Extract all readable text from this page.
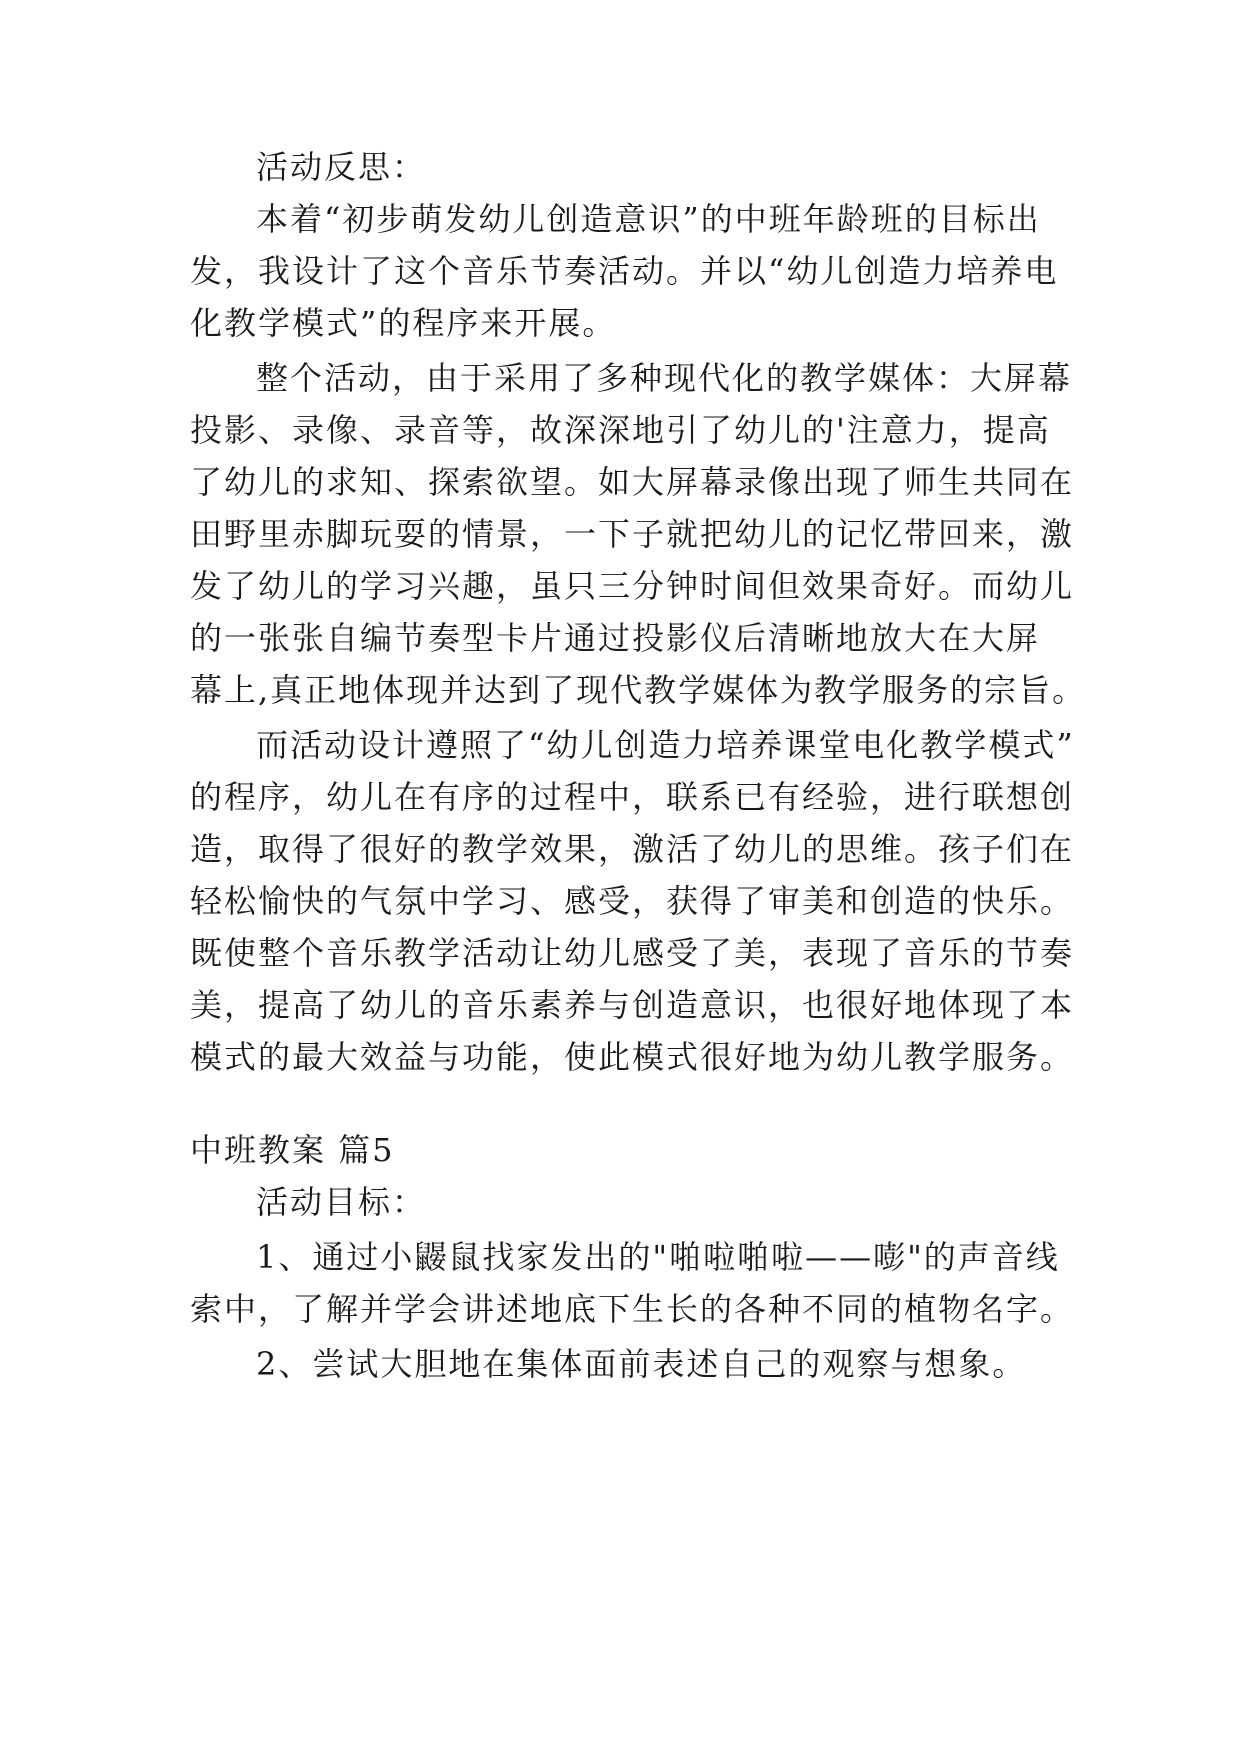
活动反思：
本着“初步萌发幼儿创造意识”的中班年龄班的目标出
发，我设计了这个音乐节奏活动。并以“幼儿创造力培养电
化教学模式”的程序来开展。
整个活动，由于采用了多种现代化的教学媒体：大屏幕
投影、录像、录音等，故深深地引了幼儿的'注意力，提高
了幼儿的求知、探索欲望。如大屏幕录像出现了师生共同在
田野里赤脚玩耍的情景，一下子就把幼儿的记忆带回来，激
发了幼儿的学习兴趣，虽只三分钟时间但效果奇好。而幼儿
的一张张自编节奏型卡片通过投影仪后清晰地放大在大屏
幕上,真正地体现并达到了现代教学媒体为教学服务的宗旨。
而活动设计遵照了“幼儿创造力培养课堂电化教学模式”
的程序，幼儿在有序的过程中，联系已有经验，进行联想创
造，取得了很好的教学效果，激活了幼儿的思维。孩子们在
轻松愉快的气氛中学习、感受，获得了审美和创造的快乐。
既使整个音乐教学活动让幼儿感受了美，表现了音乐的节奏
美，提高了幼儿的音乐素养与创造意识，也很好地体现了本
模式的最大效益与功能，使此模式很好地为幼儿教学服务。
中班教案 篇5
活动目标：
1、通过小鼹鼠找家发出的"啪啦啪啦——嘭"的声音线
索中，了解并学会讲述地底下生长的各种不同的植物名字。
2、尝试大胆地在集体面前表述自己的观察与想象。
